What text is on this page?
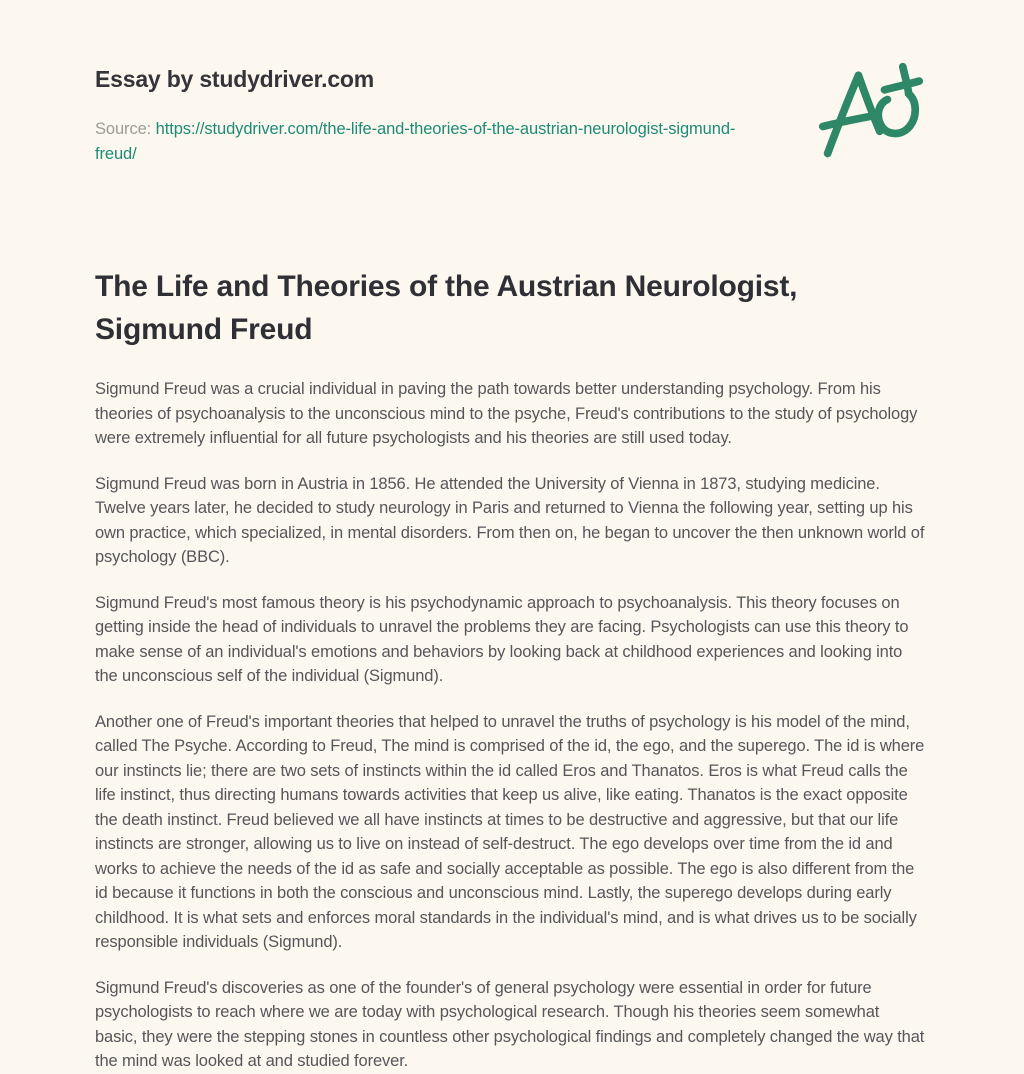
Essay by studydriver.com

Source: https://studydriver.com/the-life-and-theories-of-the-austrian-neurologist-sigmund-freud/

The Life and Theories of the Austrian Neurologist, Sigmund Freud

Sigmund Freud was a crucial individual in paving the path towards better understanding psychology. From his theories of psychoanalysis to the unconscious mind to the psyche, Freud's contributions to the study of psychology were extremely influential for all future psychologists and his theories are still used today.

Sigmund Freud was born in Austria in 1856. He attended the University of Vienna in 1873, studying medicine. Twelve years later, he decided to study neurology in Paris and returned to Vienna the following year, setting up his own practice, which specialized, in mental disorders. From then on, he began to uncover the then unknown world of psychology (BBC).

Sigmund Freud's most famous theory is his psychodynamic approach to psychoanalysis. This theory focuses on getting inside the head of individuals to unravel the problems they are facing. Psychologists can use this theory to make sense of an individual's emotions and behaviors by looking back at childhood experiences and looking into the unconscious self of the individual (Sigmund).

Another one of Freud's important theories that helped to unravel the truths of psychology is his model of the mind, called The Psyche. According to Freud, The mind is comprised of the id, the ego, and the superego. The id is where our instincts lie; there are two sets of instincts within the id called Eros and Thanatos. Eros is what Freud calls the life instinct, thus directing humans towards activities that keep us alive, like eating. Thanatos is the exact opposite the death instinct. Freud believed we all have instincts at times to be destructive and aggressive, but that our life instincts are stronger, allowing us to live on instead of self-destruct. The ego develops over time from the id and works to achieve the needs of the id as safe and socially acceptable as possible. The ego is also different from the id because it functions in both the conscious and unconscious mind. Lastly, the superego develops during early childhood. It is what sets and enforces moral standards in the individual's mind, and is what drives us to be socially responsible individuals (Sigmund).

Sigmund Freud's discoveries as one of the founder's of general psychology were essential in order for future psychologists to reach where we are today with psychological research. Though his theories seem somewhat basic, they were the stepping stones in countless other psychological findings and completely changed the way that the mind was looked at and studied forever.
